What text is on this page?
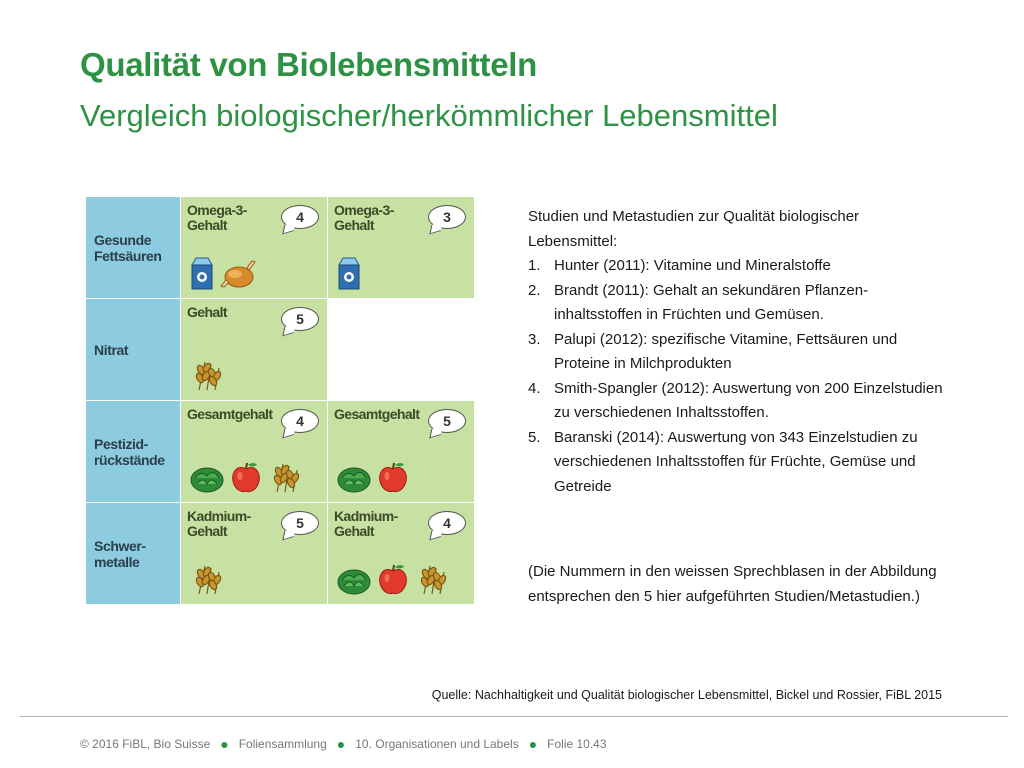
Qualität von Biolebensmitteln
Vergleich biologischer/herkömmlicher Lebensmittel
Gesunde Fettsäuren
Omega-3-Gehalt	4	Omega-3-Gehalt	3
Nitrat
Gehalt	5
Pestizid-rückstände
Gesamtgehalt	4	Gesamtgehalt	5
Schwer-metalle
Kadmium-Gehalt	5	Kadmium-Gehalt	4

Studien und Metastudien zur Qualität biologischer Lebensmittel:

1. Hunter (2011): Vitamine und Mineralstoffe
2. Brandt (2011): Gehalt an sekundären Pflanzen-inhaltsstoffen in Früchten und Gemüsen.
3. Palupi (2012): spezifische Vitamine, Fettsäuren und Proteine in Milchprodukten
4. Smith-Spangler (2012): Auswertung von 200 Einzelstudien zu verschiedenen Inhaltsstoffen.
5. Baranski (2014): Auswertung von 343 Einzelstudien zu verschiedenen Inhaltsstoffen für Früchte, Gemüse und Getreide

(Die Nummern in den weissen Sprechblasen in der Abbildung entsprechen den 5 hier aufgeführten Studien/Metastudien.)

Quelle: Nachhaltigkeit und Qualität biologischer Lebensmittel, Bickel und Rossier, FiBL 2015

© 2016 FiBL, Bio Suisse ● Foliensammlung ● 10. Organisationen und Labels ● Folie 10.43
